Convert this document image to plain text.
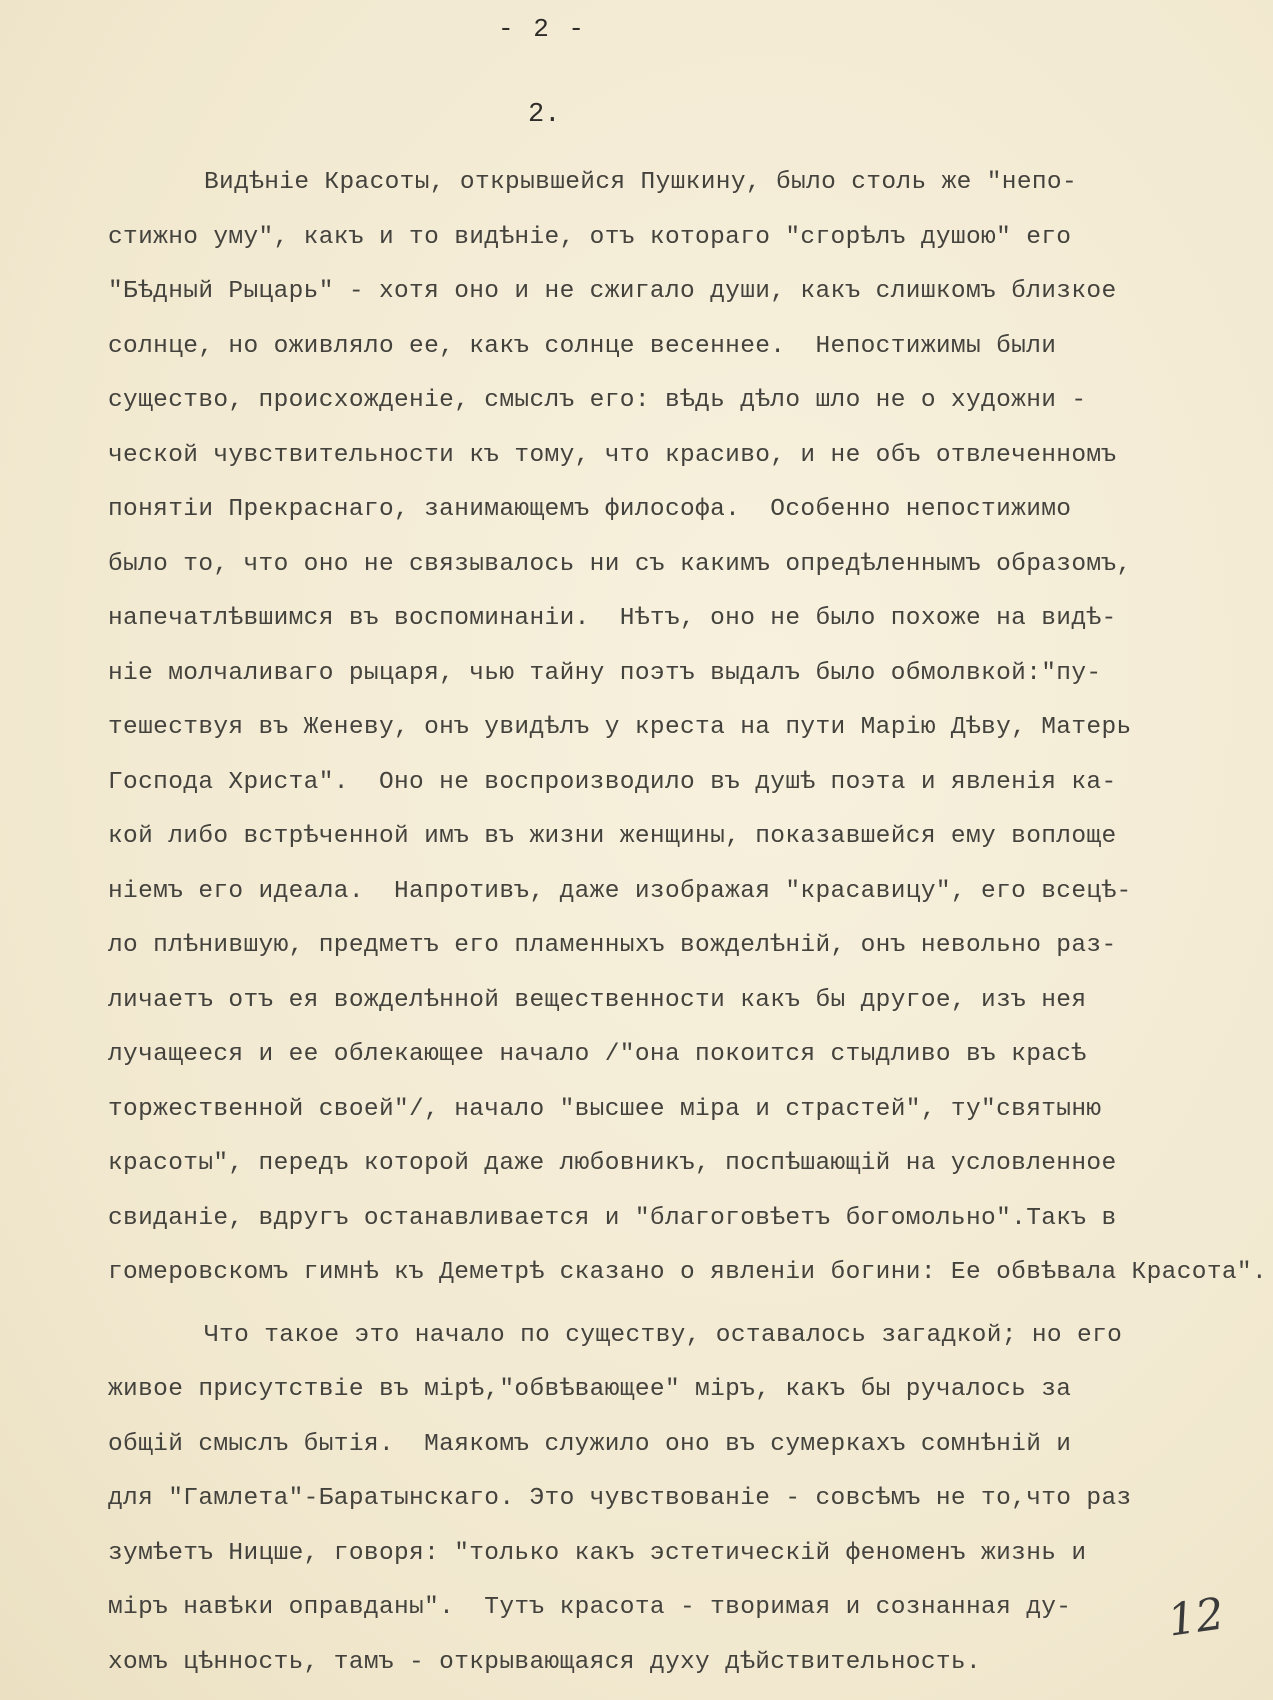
- 2 -
2.
Видѣніе Красоты, открывшейся Пушкину, было столь же "непо-
стижно уму", какъ и то видѣніе, отъ котораго "сгорѣлъ душою" его
"Бѣдный Рыцарь" - хотя оно и не сжигало души, какъ слишкомъ близкое
солнце, но оживляло ее, какъ солнце весеннее.  Непостижимы были
существо, происхожденіе, смыслъ его: вѣдь дѣло шло не о художни -
ческой чувствительности къ тому, что красиво, и не объ отвлеченномъ
понятіи Прекраснаго, занимающемъ философа.  Особенно непостижимо
было то, что оно не связывалось ни съ какимъ опредѣленнымъ образомъ,
напечатлѣвшимся въ воспоминаніи.  Нѣтъ, оно не было похоже на видѣ-
ніе молчаливаго рыцаря, чью тайну поэтъ выдалъ было обмолвкой:"пу-
тешествуя въ Женеву, онъ увидѣлъ у креста на пути Марію Дѣву, Матерь
Господа Христа".  Оно не воспроизводило въ душѣ поэта и явленія ка-
кой либо встрѣченной имъ въ жизни женщины, показавшейся ему воплоще
ніемъ его идеала.  Напротивъ, даже изображая "красавицу", его всецѣ-
ло плѣнившую, предметъ его пламенныхъ вожделѣній, онъ невольно раз-
личаетъ отъ ея вожделѣнной вещественности какъ бы другое, изъ нея
лучащееся и ее облекающее начало /"она покоится стыдливо въ красѣ
торжественной своей"/, начало "высшее міра и страстей", ту"святыню
красоты", передъ которой даже любовникъ, поспѣшающій на условленное
свиданіе, вдругъ останавливается и "благоговѣетъ богомольно".Такъ в
гомеровскомъ гимнѣ къ Деметрѣ сказано о явленіи богини: Ее обвѣвала Красота".
Что такое это начало по существу, оставалось загадкой; но его
живое присутствіе въ мірѣ,"обвѣвающее" міръ, какъ бы ручалось за
общій смыслъ бытія.  Маякомъ служило оно въ сумеркахъ сомнѣній и
для "Гамлета"-Баратынскаго. Это чувствованіе - совсѣмъ не то,что раз
зумѣетъ Ницше, говоря: "только какъ эстетическій феноменъ жизнь и
міръ навѣки оправданы".  Тутъ красота - творимая и сознанная ду-
хомъ цѣнность, тамъ - открывающаяся духу дѣйствительность.
12
